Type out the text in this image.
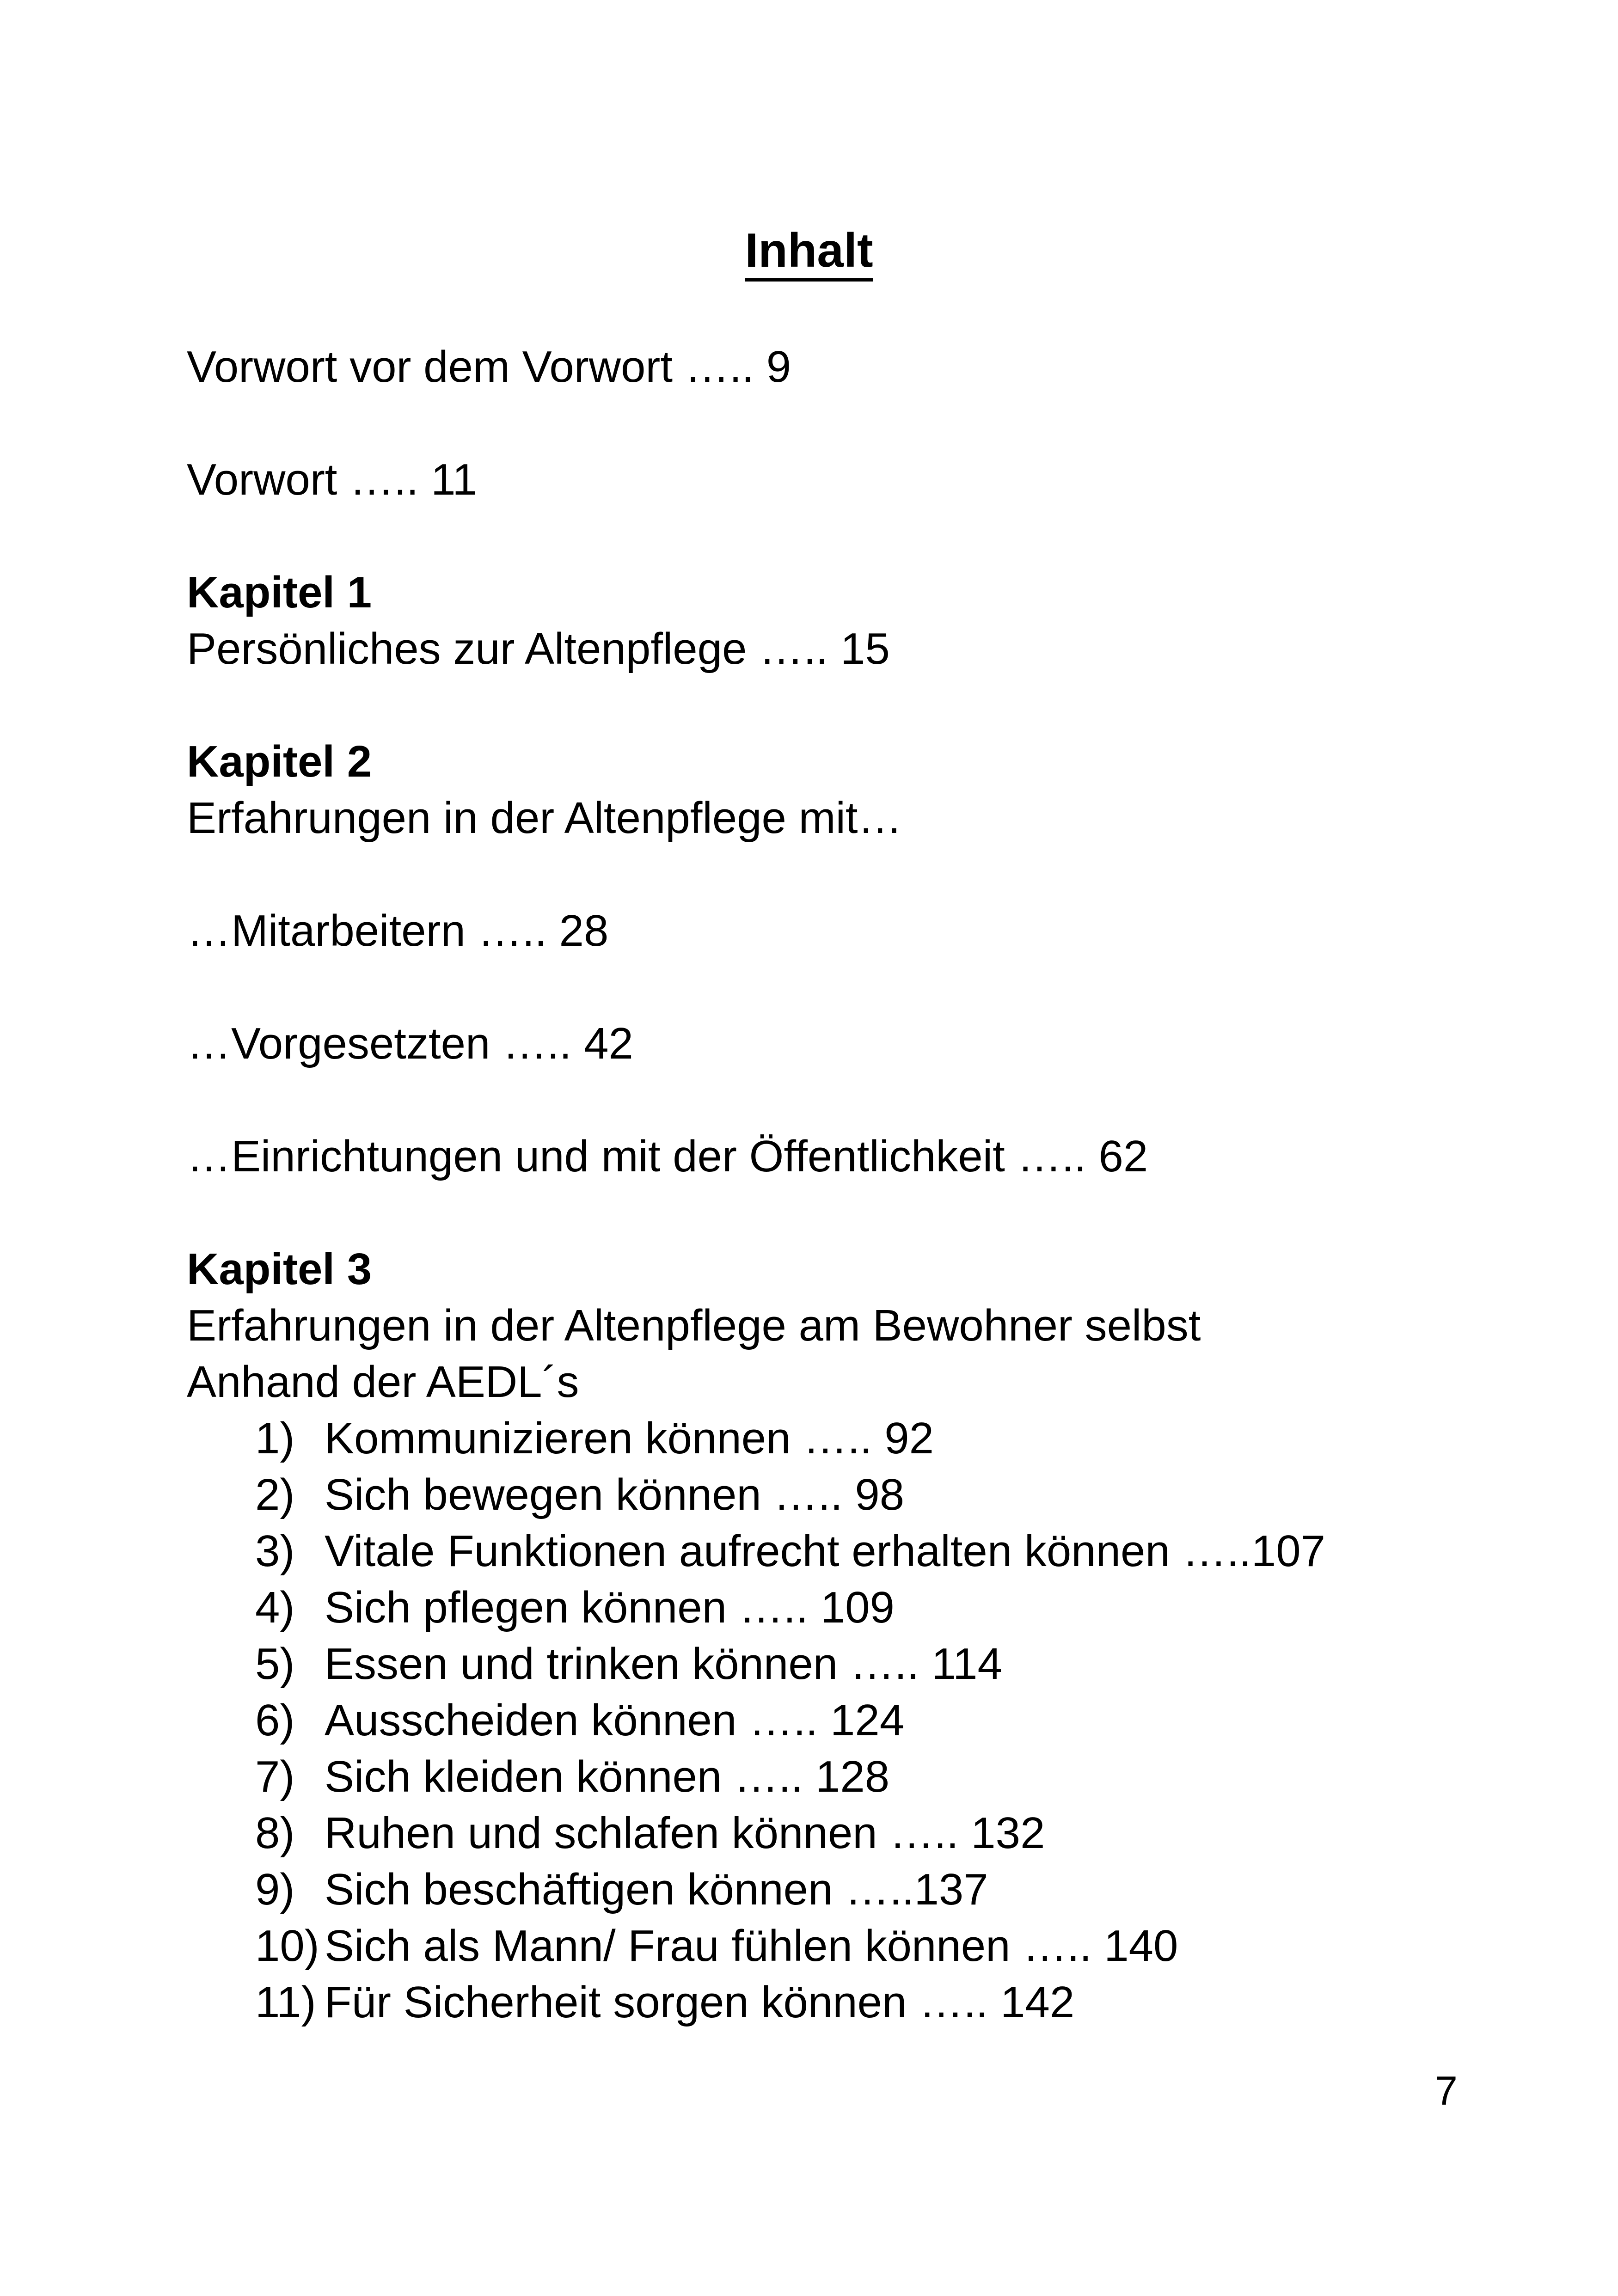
Inhalt

Vorwort vor dem Vorwort ….. 9

Vorwort ….. 11

Kapitel 1

Persönliches zur Altenpflege ….. 15

Kapitel 2

Erfahrungen in der Altenpflege mit…

…Mitarbeitern ….. 28

…Vorgesetzten ….. 42

…Einrichtungen und mit der Öffentlichkeit ….. 62

Kapitel 3

Erfahrungen in der Altenpflege am Bewohner selbst

Anhand der AEDL´s

1) Kommunizieren können ….. 92
2) Sich bewegen können ….. 98
3) Vitale Funktionen aufrecht erhalten können …..107
4) Sich pflegen können ….. 109
5) Essen und trinken können ….. 114
6) Ausscheiden können ….. 124
7) Sich kleiden können ….. 128
8) Ruhen und schlafen können ….. 132
9) Sich beschäftigen können …..137
10) Sich als Mann/ Frau fühlen können ….. 140
11) Für Sicherheit sorgen können ….. 142
7
